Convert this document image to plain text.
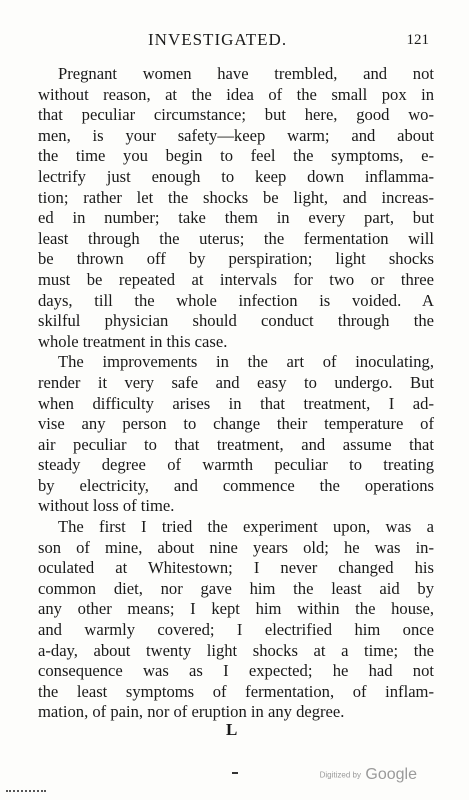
INVESTIGATED.	121
Pregnant women have trembled, and not
without reason, at the idea of the small pox in
that peculiar circumstance; but here, good wo-
men, is your safety—keep warm; and about
the time you begin to feel the symptoms, e-
lectrify just enough to keep down inflamma-
tion; rather let the shocks be light, and increas-
ed in number; take them in every part, but
least through the uterus; the fermentation will
be thrown off by perspiration; light shocks
must be repeated at intervals for two or three
days, till the whole infection is voided. A
skilful physician should conduct through the
whole treatment in this case.
The improvements in the art of inoculating,
render it very safe and easy to undergo. But
when difficulty arises in that treatment, I ad-
vise any person to change their temperature of
air peculiar to that treatment, and assume that
steady degree of warmth peculiar to treating
by electricity, and commence the operations
without loss of time.
The first I tried the experiment upon, was a
son of mine, about nine years old; he was in-
oculated at Whitestown; I never changed his
common diet, nor gave him the least aid by
any other means; I kept him within the house,
and warmly covered; I electrified him once
a-day, about twenty light shocks at a time; the
consequence was as I expected; he had not
the least symptoms of fermentation, of inflam-
mation, of pain, nor of eruption in any degree.
L
Digitized by Google
